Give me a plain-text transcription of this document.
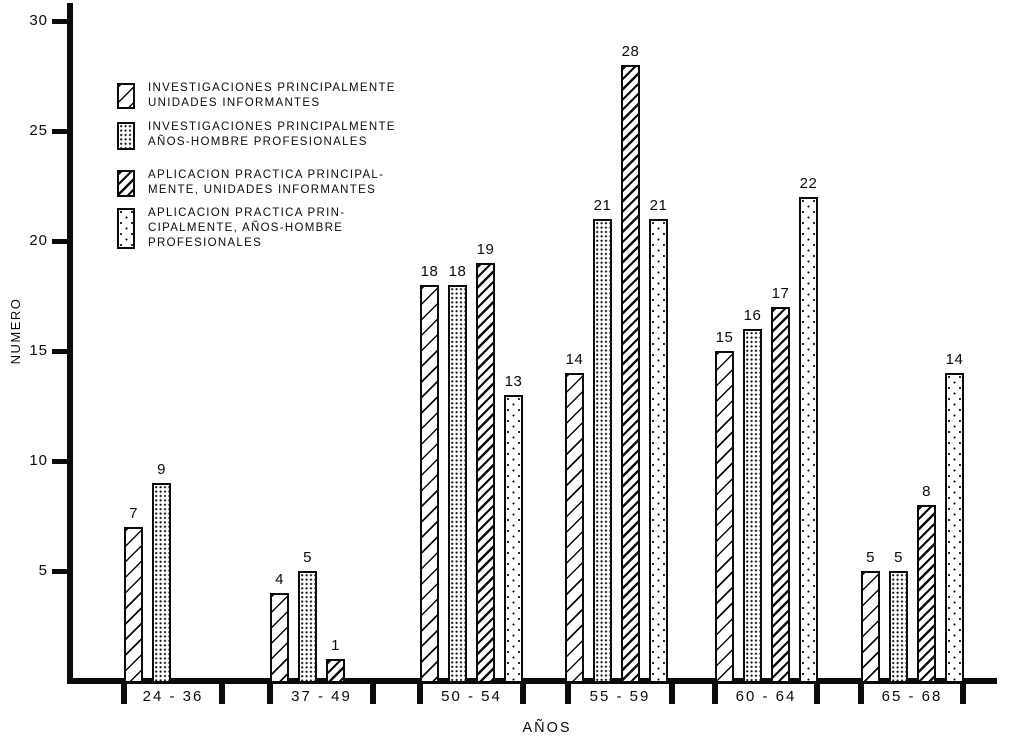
NUMERO
5
10
15
20
25
30
24 - 36	37 - 49	50 - 54	55 - 59	60 - 64	65 - 68
7
4
18
14
15
5
9
5
18
21
16
5
1
19
28
17
8
13
21
22
14
INVESTIGACIONES PRINCIPALMENTE
UNIDADES INFORMANTES
INVESTIGACIONES PRINCIPALMENTE
AÑOS-HOMBRE PROFESIONALES
APLICACION PRACTICA PRINCIPAL-
MENTE, UNIDADES INFORMANTES
APLICACION PRACTICA PRIN-
CIPALMENTE, AÑOS-HOMBRE
PROFESIONALES
AÑOS
